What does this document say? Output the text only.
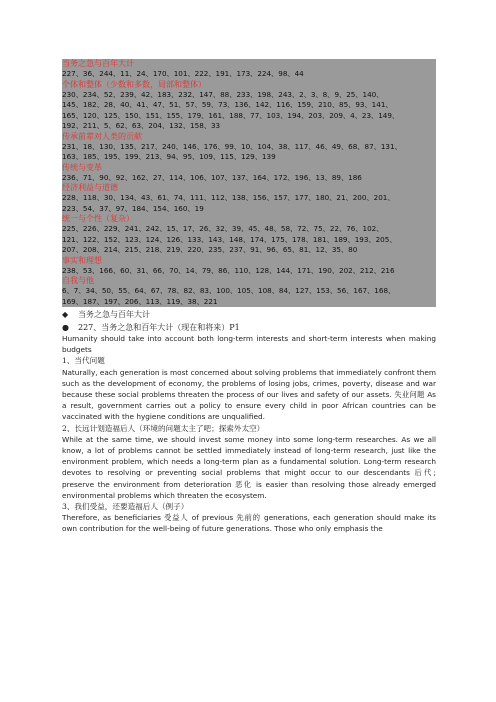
当务之急与百年大计
227、36、244、11、24、170、101、222、191、173、224、98、44
个体和整体（少数和多数，局部和整体）
230、234、52、239、42、183、232、147、88、233、198、243、2、3、8、9、25、140、
145、182、28、40、41、47、51、57、59、73、136、142、116、159、210、85、93、141、
165、120、125、150、151、155、179、161、188、77、103、194、203、209、4、23、149、
192、211、5、62、63、204、132、158、33
传承前辈对人类的贡献
231、18、130、135、217、240、146、176、99、10、104、38、117、46、49、68、87、131、
163、185、195、199、213、94、95、109、115、129、139
传统与变革
236、71、90、92、162、27、114、106、107、137、164、172、196、13、89、186
经济利益与道德
228、118、30、134、43、61、74、111、112、138、156、157、177、180、21、200、201、
223、54、37、97、184、154、160、19
统一与个性（复杂）
225、226、229、241、242、15、17、26、32、39、45、48、58、72、75、22、76、102、
121、122、152、123、124、126、133、143、148、174、175、178、181、189、193、205、
207、208、214、215、218、219、220、235、237、91、96、65、81、12、35、80
事实和理想
238、53、166、60、31、66、70、14、79、86、110、128、144、171、190、202、212、216
自我与他
6、7、34、50、55、64、67、78、82、83、100、105、108、84、127、153、56、167、168、
169、187、197、206、113、119、38、221
◆ 当务之急与百年大计
● 227、当务之急和百年大计（现在和将来）P1
Humanity should take into account both long-term interests and short-term interests when making budgets
1、当代问题
Naturally, each generation is most concerned about solving problems that immediately confront them such as the development of economy, the problems of losing jobs, crimes, poverty, disease and war because these social problems threaten the process of our lives and safety of our assets. 失业问题 As a result, government carries out a policy to ensure every child in poor African countries can be vaccinated with the hygiene conditions are unqualified.
2、长远计划造福后人（环境的问题太主了吧；探索外太空）
While at the same time, we should invest some money into some long-term researches. As we all know, a lot of problems cannot be settled immediately instead of long-term research, just like the environment problem, which needs a long-term plan as a fundamental solution. Long-term research devotes to resolving or preventing social problems that might occur to our descendants 后代; preserve the environment from deterioration 恶化 is easier than resolving those already emerged environmental problems which threaten the ecosystem.
3、我们受益，还要造福后人（例子）
Therefore, as beneficiaries 受益人 of previous 先前的 generations, each generation should make its own contribution for the well-being of future generations. Those who only emphasis the
